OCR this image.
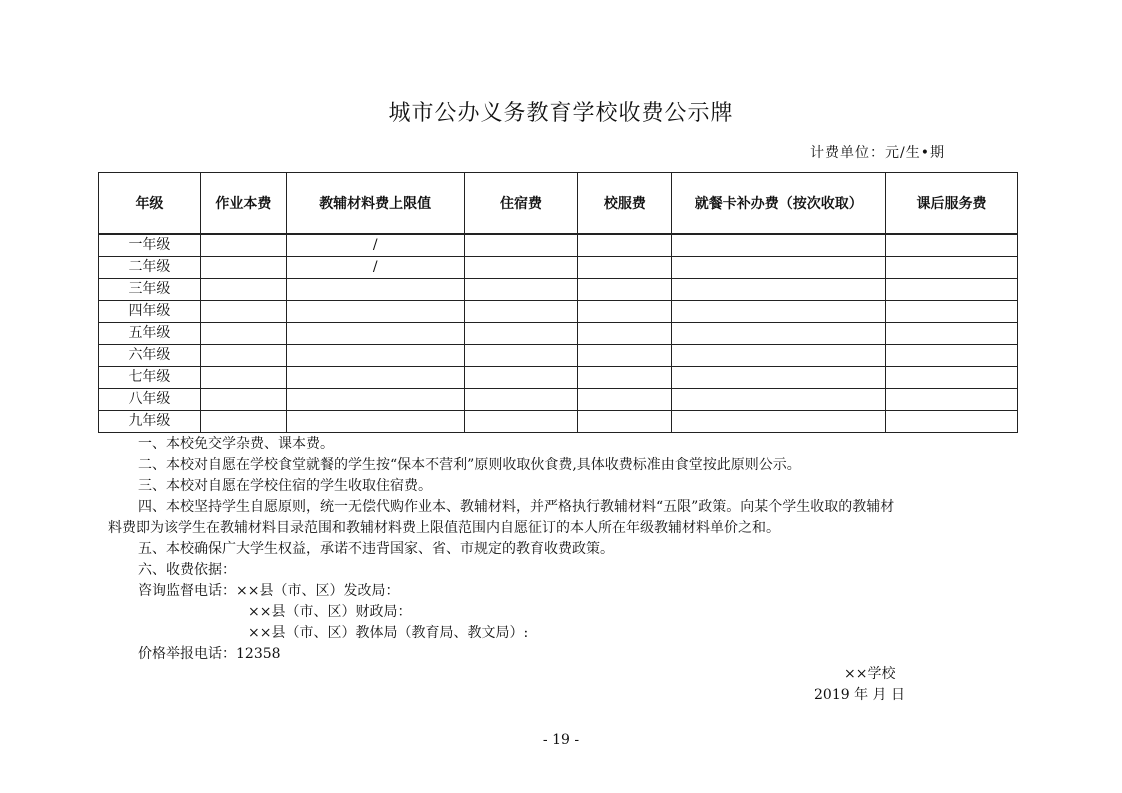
城市公办义务教育学校收费公示牌
计费单位：元/生•期
年级	作业本费	教辅材料费上限值	住宿费	校服费	就餐卡补办费（按次收取）	课后服务费
一年级		/				
二年级		/				
三年级						
四年级						
五年级						
六年级						
七年级						
八年级						
九年级						

一、本校免交学杂费、课本费。

二、本校对自愿在学校食堂就餐的学生按“保本不营利”原则收取伙食费,具体收费标准由食堂按此原则公示。

三、本校对自愿在学校住宿的学生收取住宿费。

四、本校坚持学生自愿原则，统一无偿代购作业本、教辅材料，并严格执行教辅材料“五限”政策。向某个学生收取的教辅材

料费即为该学生在教辅材料目录范围和教辅材料费上限值范围内自愿征订的本人所在年级教辅材料单价之和。

五、本校确保广大学生权益，承诺不违背国家、省、市规定的教育收费政策。

六、收费依据：

咨询监督电话：××县（市、区）发改局：

××县（市、区）财政局：

××县（市、区）教体局（教育局、教文局）:

价格举报电话：12358

××学校
2019 年 月 日
- 19 -
